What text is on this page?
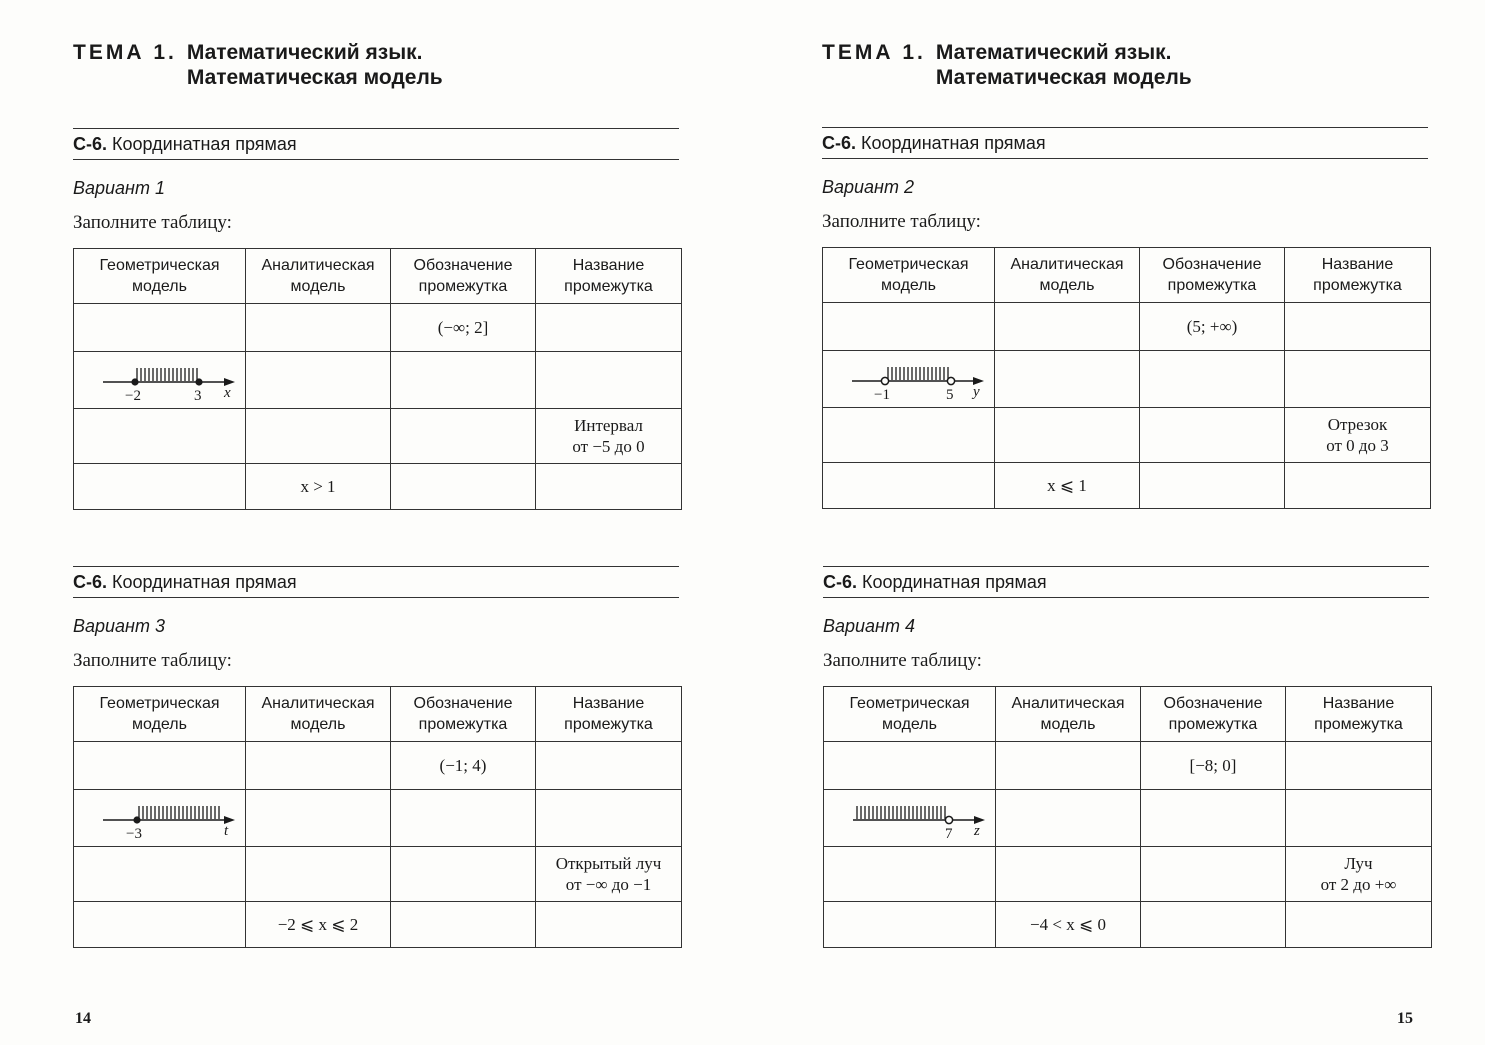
ТЕМА 1. Математический язык.
Математическая модель
С-6. Координатная прямая
Вариант 1
Заполните таблицу:
Геометрическая модель	Аналитическая модель	Обозначение промежутка	Название промежутка
		(−∞; 2]	

−2 3 x			

			Интервал
от −5 до 0

	x > 1		
С-6. Координатная прямая
Вариант 3
Заполните таблицу:
Геометрическая модель	Аналитическая модель	Обозначение промежутка	Название промежутка
		(−1; 4)	

−3 t			

			Открытый луч
от −∞ до −1

	−2 ⩽ x ⩽ 2		
14
ТЕМА 1. Математический язык.
Математическая модель
С-6. Координатная прямая
Вариант 2
Заполните таблицу:
Геометрическая модель	Аналитическая модель	Обозначение промежутка	Название промежутка
		(5; +∞)	

−1 5 y			

			Отрезок
от 0 до 3

	x ⩽ 1		
С-6. Координатная прямая
Вариант 4
Заполните таблицу:
Геометрическая модель	Аналитическая модель	Обозначение промежутка	Название промежутка
		[−8; 0]	

7 z			

			Луч
от 2 до +∞

	−4 < x ⩽ 0		
15
